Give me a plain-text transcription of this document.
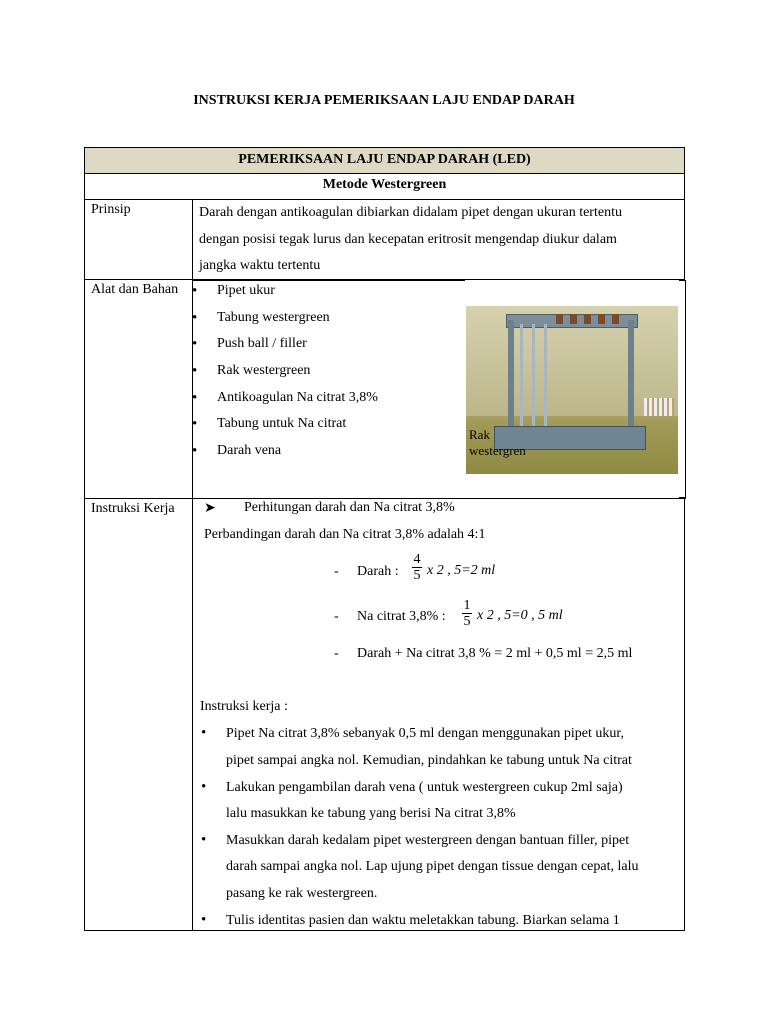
INSTRUKSI KERJA PEMERIKSAAN LAJU ENDAP DARAH
PEMERIKSAAN LAJU ENDAP DARAH (LED)
Metode Westergreen
Prinsip	Darah dengan antikoagulan dibiarkan didalam pipet dengan ukuran tertentu
dengan posisi tegak lurus dan kecepatan eritrosit mengendap diukur dalam
jangka waktu tertentu
Alat dan Bahan
•	Pipet ukur
• Tabung westergreen
• Push ball / filler
• Rak westergreen
• Antikoagulan Na citrat 3,8%
• Tabung untuk Na citrat
• Darah vena
Instruksi Kerja
Rak
westergren
➤ Perhitungan darah dan Na citrat 3,8%
Perbandingan darah dan Na citrat 3,8% adalah 4:1
- Darah :
4
5 x 2 , 5=2 ml
- Na citrat 3,8% :
1
5 x 2 , 5=0 , 5 ml
- Darah + Na citrat 3,8 % = 2 ml + 0,5 ml = 2,5 ml
Instruksi kerja :
• Pipet Na citrat 3,8% sebanyak 0,5 ml dengan menggunakan pipet ukur,
pipet sampai angka nol. Kemudian, pindahkan ke tabung untuk Na citrat
• Lakukan pengambilan darah vena ( untuk westergreen cukup 2ml saja)
lalu masukkan ke tabung yang berisi Na citrat 3,8%
• Masukkan darah kedalam pipet westergreen dengan bantuan filler, pipet
darah sampai angka nol. Lap ujung pipet dengan tissue dengan cepat, lalu
pasang ke rak westergreen.
• Tulis identitas pasien dan waktu meletakkan tabung. Biarkan selama 1
